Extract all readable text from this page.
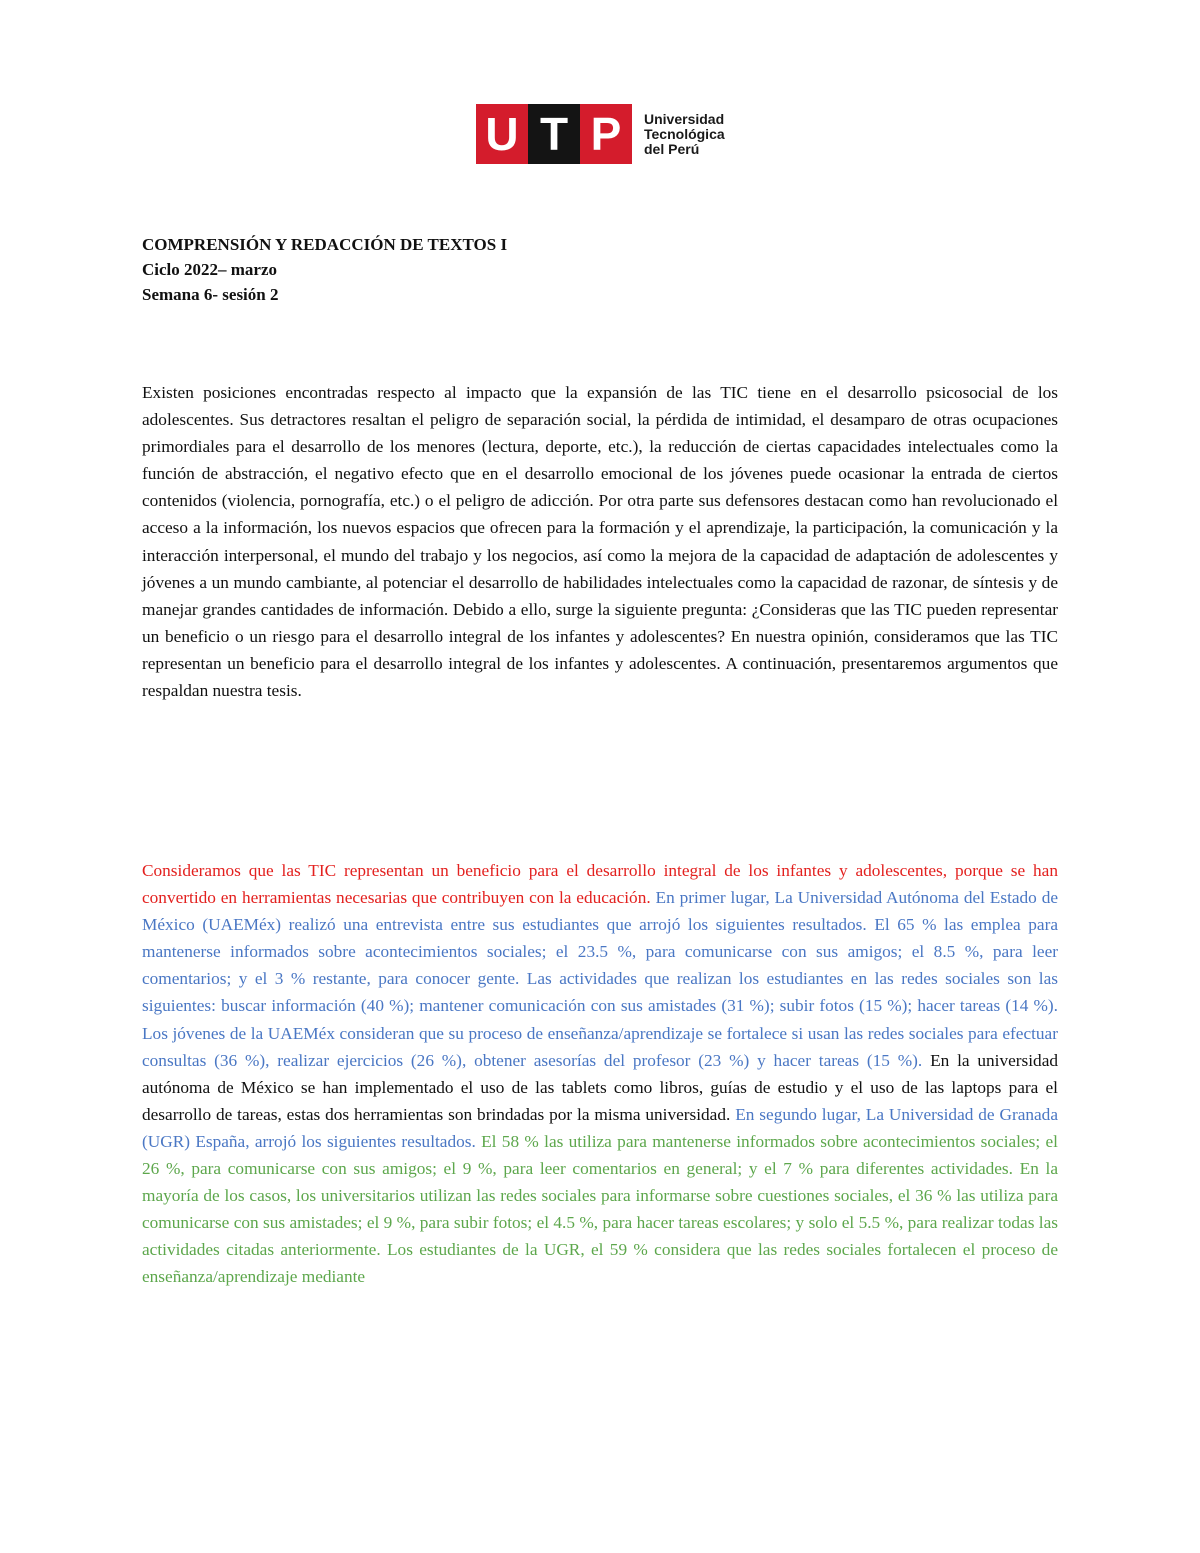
U T P	Universidad
Tecnológica
del Perú
COMPRENSIÓN Y REDACCIÓN DE TEXTOS I
Ciclo 2022– marzo
Semana 6- sesión 2

Existen posiciones encontradas respecto al impacto que la expansión de las TIC tiene en el desarrollo psicosocial de los adolescentes. Sus detractores resaltan el peligro de separación social, la pérdida de intimidad, el desamparo de otras ocupaciones primordiales para el desarrollo de los menores (lectura, deporte, etc.), la reducción de ciertas capacidades intelectuales como la función de abstracción, el negativo efecto que en el desarrollo emocional de los jóvenes puede ocasionar la entrada de ciertos contenidos (violencia, pornografía, etc.) o el peligro de adicción. Por otra parte sus defensores destacan como han revolucionado el acceso a la información, los nuevos espacios que ofrecen para la formación y el aprendizaje, la participación, la comunicación y la interacción interpersonal, el mundo del trabajo y los negocios, así como la mejora de la capacidad de adaptación de adolescentes y jóvenes a un mundo cambiante, al potenciar el desarrollo de habilidades intelectuales como la capacidad de razonar, de síntesis y de manejar grandes cantidades de información. Debido a ello, surge la siguiente pregunta: ¿Consideras que las TIC pueden representar un beneficio o un riesgo para el desarrollo integral de los infantes y adolescentes? En nuestra opinión, consideramos que las TIC representan un beneficio para el desarrollo integral de los infantes y adolescentes. A continuación, presentaremos argumentos que respaldan nuestra tesis.

Consideramos que las TIC representan un beneficio para el desarrollo integral de los infantes y adolescentes, porque se han convertido en herramientas necesarias que contribuyen con la educación. En primer lugar, La Universidad Autónoma del Estado de México (UAEMéx) realizó una entrevista entre sus estudiantes que arrojó los siguientes resultados. El 65 % las emplea para mantenerse informados sobre acontecimientos sociales; el 23.5 %, para comunicarse con sus amigos; el 8.5 %, para leer comentarios; y el 3 % restante, para conocer gente. Las actividades que realizan los estudiantes en las redes sociales son las siguientes: buscar información (40 %); mantener comunicación con sus amistades (31 %); subir fotos (15 %); hacer tareas (14 %). Los jóvenes de la UAEMéx consideran que su proceso de enseñanza/aprendizaje se fortalece si usan las redes sociales para efectuar consultas (36 %), realizar ejercicios (26 %), obtener asesorías del profesor (23 %) y hacer tareas (15 %). En la universidad autónoma de México se han implementado el uso de las tablets como libros, guías de estudio y el uso de las laptops para el desarrollo de tareas, estas dos herramientas son brindadas por la misma universidad. En segundo lugar, La Universidad de Granada (UGR) España, arrojó los siguientes resultados. El 58 % las utiliza para mantenerse informados sobre acontecimientos sociales; el 26 %, para comunicarse con sus amigos; el 9 %, para leer comentarios en general; y el 7 % para diferentes actividades. En la mayoría de los casos, los universitarios utilizan las redes sociales para informarse sobre cuestiones sociales, el 36 % las utiliza para comunicarse con sus amistades; el 9 %, para subir fotos; el 4.5 %, para hacer tareas escolares; y solo el 5.5 %, para realizar todas las actividades citadas anteriormente. Los estudiantes de la UGR, el 59 % considera que las redes sociales fortalecen el proceso de enseñanza/aprendizaje mediante
